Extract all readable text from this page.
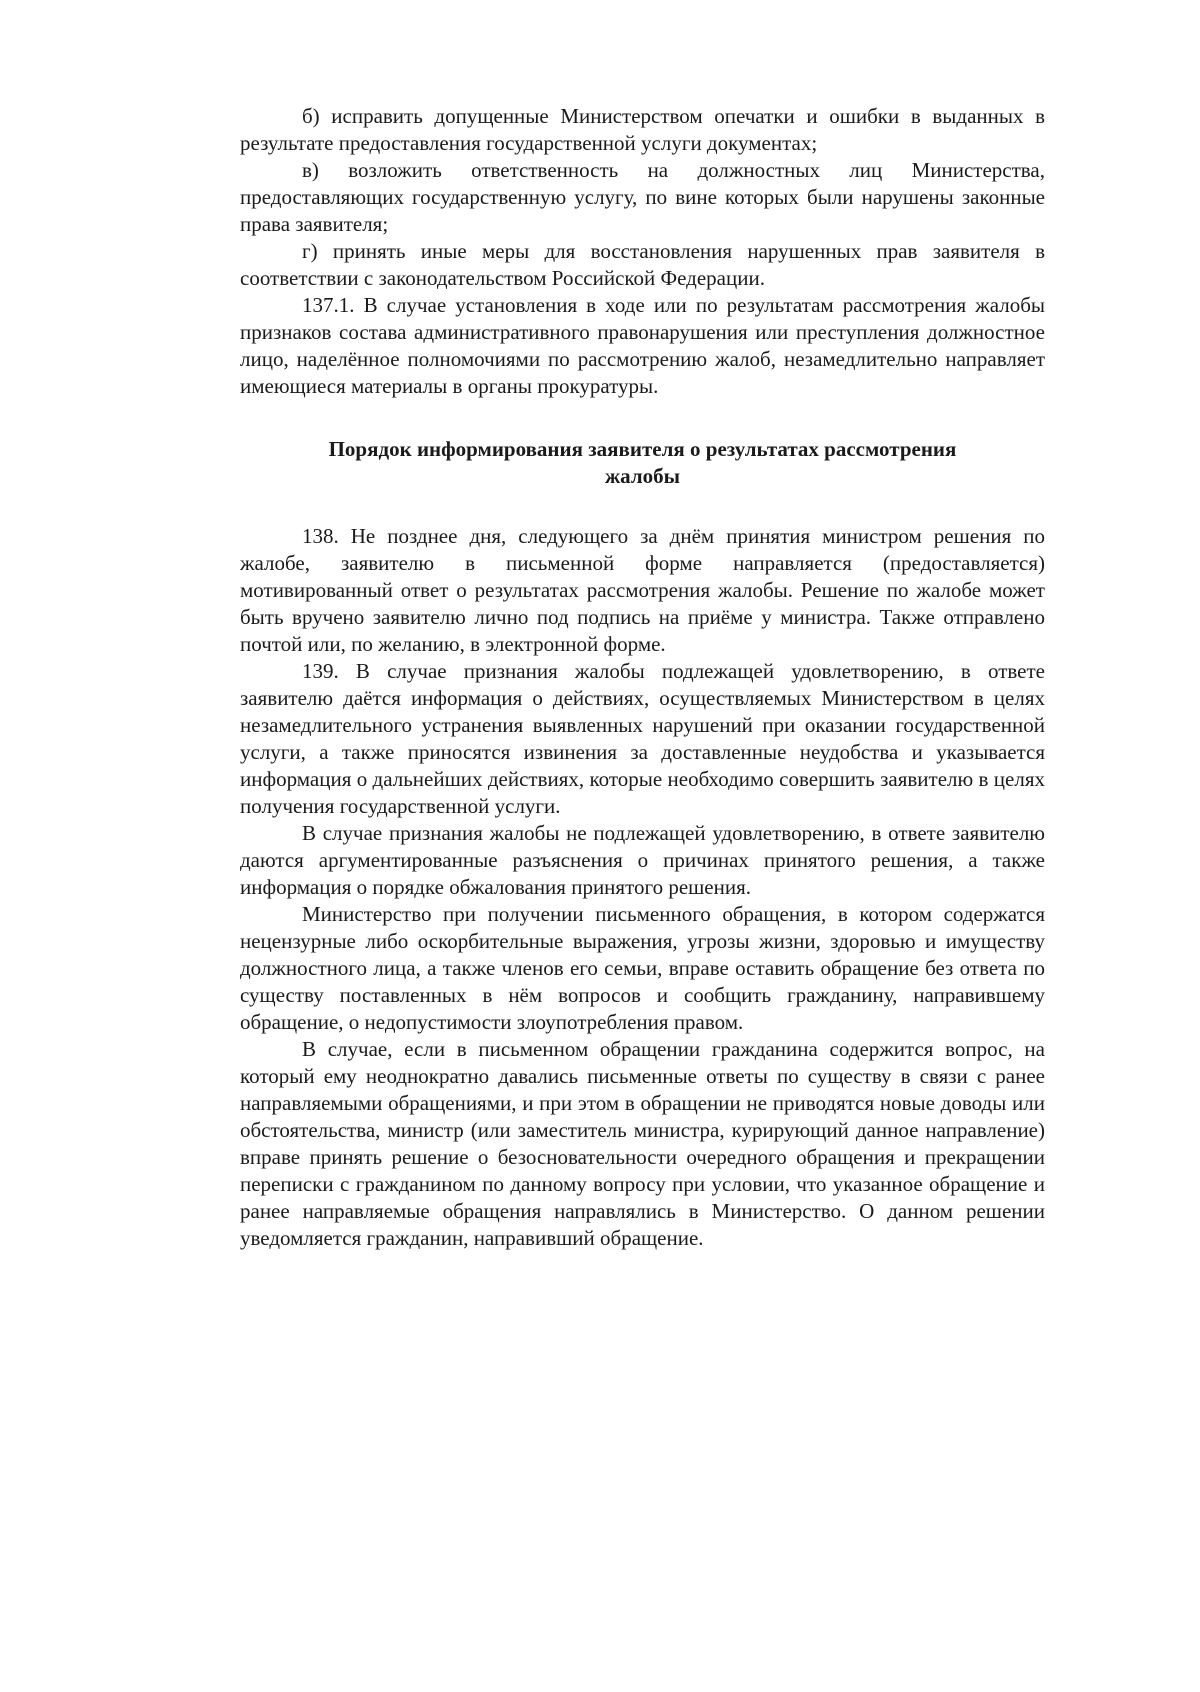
б) исправить допущенные Министерством опечатки и ошибки в выданных в результате предоставления государственной услуги документах;

в) возложить ответственность на должностных лиц Министерства, предоставляющих государственную услугу, по вине которых были нарушены законные права заявителя;

г) принять иные меры для восстановления нарушенных прав заявителя в соответствии с законодательством Российской Федерации.

137.1. В случае установления в ходе или по результатам рассмотрения жалобы признаков состава административного правонарушения или преступления должностное лицо, наделённое полномочиями по рассмотрению жалоб, незамедлительно направляет имеющиеся материалы в органы прокуратуры.

Порядок информирования заявителя о результатах рассмотрения
жалобы

138. Не позднее дня, следующего за днём принятия министром решения по жалобе, заявителю в письменной форме направляется (предоставляется) мотивированный ответ о результатах рассмотрения жалобы. Решение по жалобе может быть вручено заявителю лично под подпись на приёме у министра. Также отправлено почтой или, по желанию, в электронной форме.

139. В случае признания жалобы подлежащей удовлетворению, в ответе заявителю даётся информация о действиях, осуществляемых Министерством в целях незамедлительного устранения выявленных нарушений при оказании государственной услуги, а также приносятся извинения за доставленные неудобства и указывается информация о дальнейших действиях, которые необходимо совершить заявителю в целях получения государственной услуги.

В случае признания жалобы не подлежащей удовлетворению, в ответе заявителю даются аргументированные разъяснения о причинах принятого решения, а также информация о порядке обжалования принятого решения.

Министерство при получении письменного обращения, в котором содержатся нецензурные либо оскорбительные выражения, угрозы жизни, здоровью и имуществу должностного лица, а также членов его семьи, вправе оставить обращение без ответа по существу поставленных в нём вопросов и сообщить гражданину, направившему обращение, о недопустимости злоупотребления правом.

В случае, если в письменном обращении гражданина содержится вопрос, на который ему неоднократно давались письменные ответы по существу в связи с ранее направляемыми обращениями, и при этом в обращении не приводятся новые доводы или обстоятельства, министр (или заместитель министра, курирующий данное направление) вправе принять решение о безосновательности очередного обращения и прекращении переписки с гражданином по данному вопросу при условии, что указанное обращение и ранее направляемые обращения направлялись в Министерство. О данном решении уведомляется гражданин, направивший обращение.
